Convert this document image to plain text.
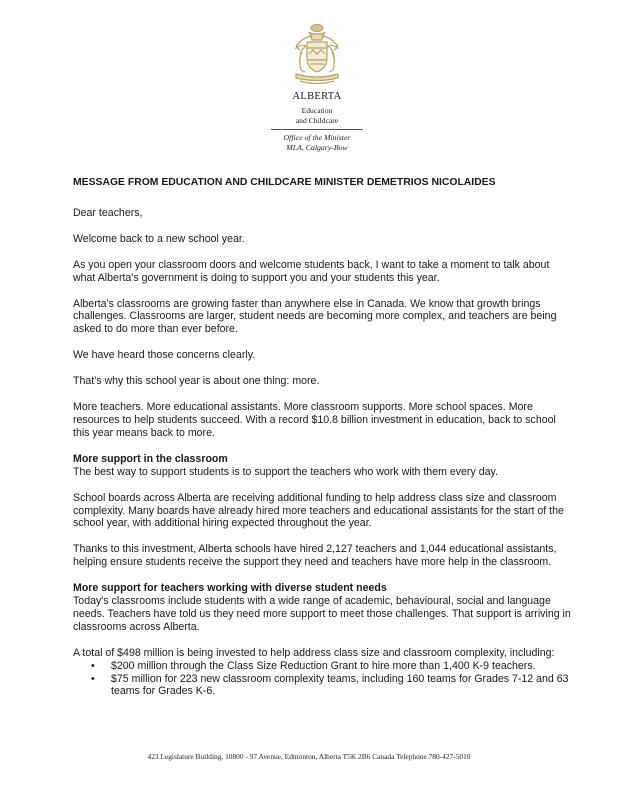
ALBERTA
Education
and Childcare
Office of the Minister
MLA, Calgary-Bow

MESSAGE FROM EDUCATION AND CHILDCARE MINISTER DEMETRIOS NICOLAIDES

Dear teachers,

Welcome back to a new school year.

As you open your classroom doors and welcome students back, I want to take a moment to talk about what Alberta's government is doing to support you and your students this year.

Alberta's classrooms are growing faster than anywhere else in Canada. We know that growth brings challenges. Classrooms are larger, student needs are becoming more complex, and teachers are being asked to do more than ever before.

We have heard those concerns clearly.

That's why this school year is about one thing: more.

More teachers. More educational assistants. More classroom supports. More school spaces. More resources to help students succeed. With a record $10.8 billion investment in education, back to school this year means back to more.

More support in the classroom
The best way to support students is to support the teachers who work with them every day.

School boards across Alberta are receiving additional funding to help address class size and classroom complexity. Many boards have already hired more teachers and educational assistants for the start of the school year, with additional hiring expected throughout the year.

Thanks to this investment, Alberta schools have hired 2,127 teachers and 1,044 educational assistants, helping ensure students receive the support they need and teachers have more help in the classroom.

More support for teachers working with diverse student needs
Today's classrooms include students with a wide range of academic, behavioural, social and language needs. Teachers have told us they need more support to meet those challenges. That support is arriving in classrooms across Alberta.

A total of $498 million is being invested to help address class size and classroom complexity, including:

• $200 million through the Class Size Reduction Grant to hire more than 1,400 K-9 teachers.
• $75 million for 223 new classroom complexity teams, including 160 teams for Grades 7-12 and 63 teams for Grades K-6.
423 Legislature Building, 10800 - 97 Avenue, Edmonton, Alberta T5K 2B6 Canada Telephone 780-427-5010
